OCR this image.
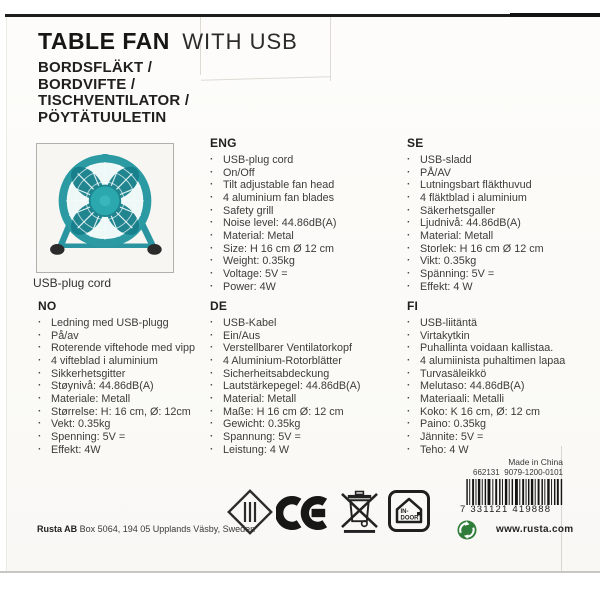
TABLE FAN WITH USB
BORDSFLÄKT /
BORDVIFTE /
TISCHVENTILATOR /
PÖYTÄTUULETIN
USB-plug cord
ENG
· USB-plug cord
· On/Off
· Tilt adjustable fan head
· 4 aluminium fan blades
· Safety grill
· Noise level: 44.86dB(A)
· Material: Metal
· Size: H 16 cm Ø 12 cm
· Weight: 0.35kg
· Voltage: 5V =
· Power: 4W
SE
· USB-sladd
· PÅ/AV
· Lutningsbart fläkthuvud
· 4 fläktblad i aluminium
· Säkerhetsgaller
· Ljudnivå: 44.86dB(A)
· Material: Metall
· Storlek: H 16 cm Ø 12 cm
· Vikt: 0.35kg
· Spänning: 5V =
· Effekt: 4 W
NO
· Ledning med USB-plugg
· På/av
· Roterende viftehode med vipp
· 4 vifteblad i aluminium
· Sikkerhetsgitter
· Støynivå: 44.86dB(A)
· Materiale: Metall
· Størrelse: H: 16 cm, Ø: 12cm
· Vekt: 0.35kg
· Spenning: 5V =
· Effekt: 4W
DE
· USB-Kabel
· Ein/Aus
· Verstellbarer Ventilatorkopf
· 4 Aluminium-Rotorblätter
· Sicherheitsabdeckung
· Lautstärkepegel: 44.86dB(A)
· Material: Metall
· Maße: H 16 cm Ø: 12 cm
· Gewicht: 0.35kg
· Spannung: 5V =
· Leistung: 4 W
FI
· USB-liitäntä
· Virtakytkin
· Puhallinta voidaan kallistaa.
· 4 alumiinista puhaltimen lapaa
· Turvasäleikkö
· Melutaso: 44.86dB(A)
· Materiaali: Metalli
· Koko: K 16 cm, Ø: 12 cm
· Paino: 0.35kg
· Jännite: 5V =
· Teho: 4 W
Rusta AB Box 5064, 194 05 Upplands Väsby, Sweden
IN-
DOOR
Made in China
662131 9079-1200-0101
7 331121 419888
www.rusta.com
